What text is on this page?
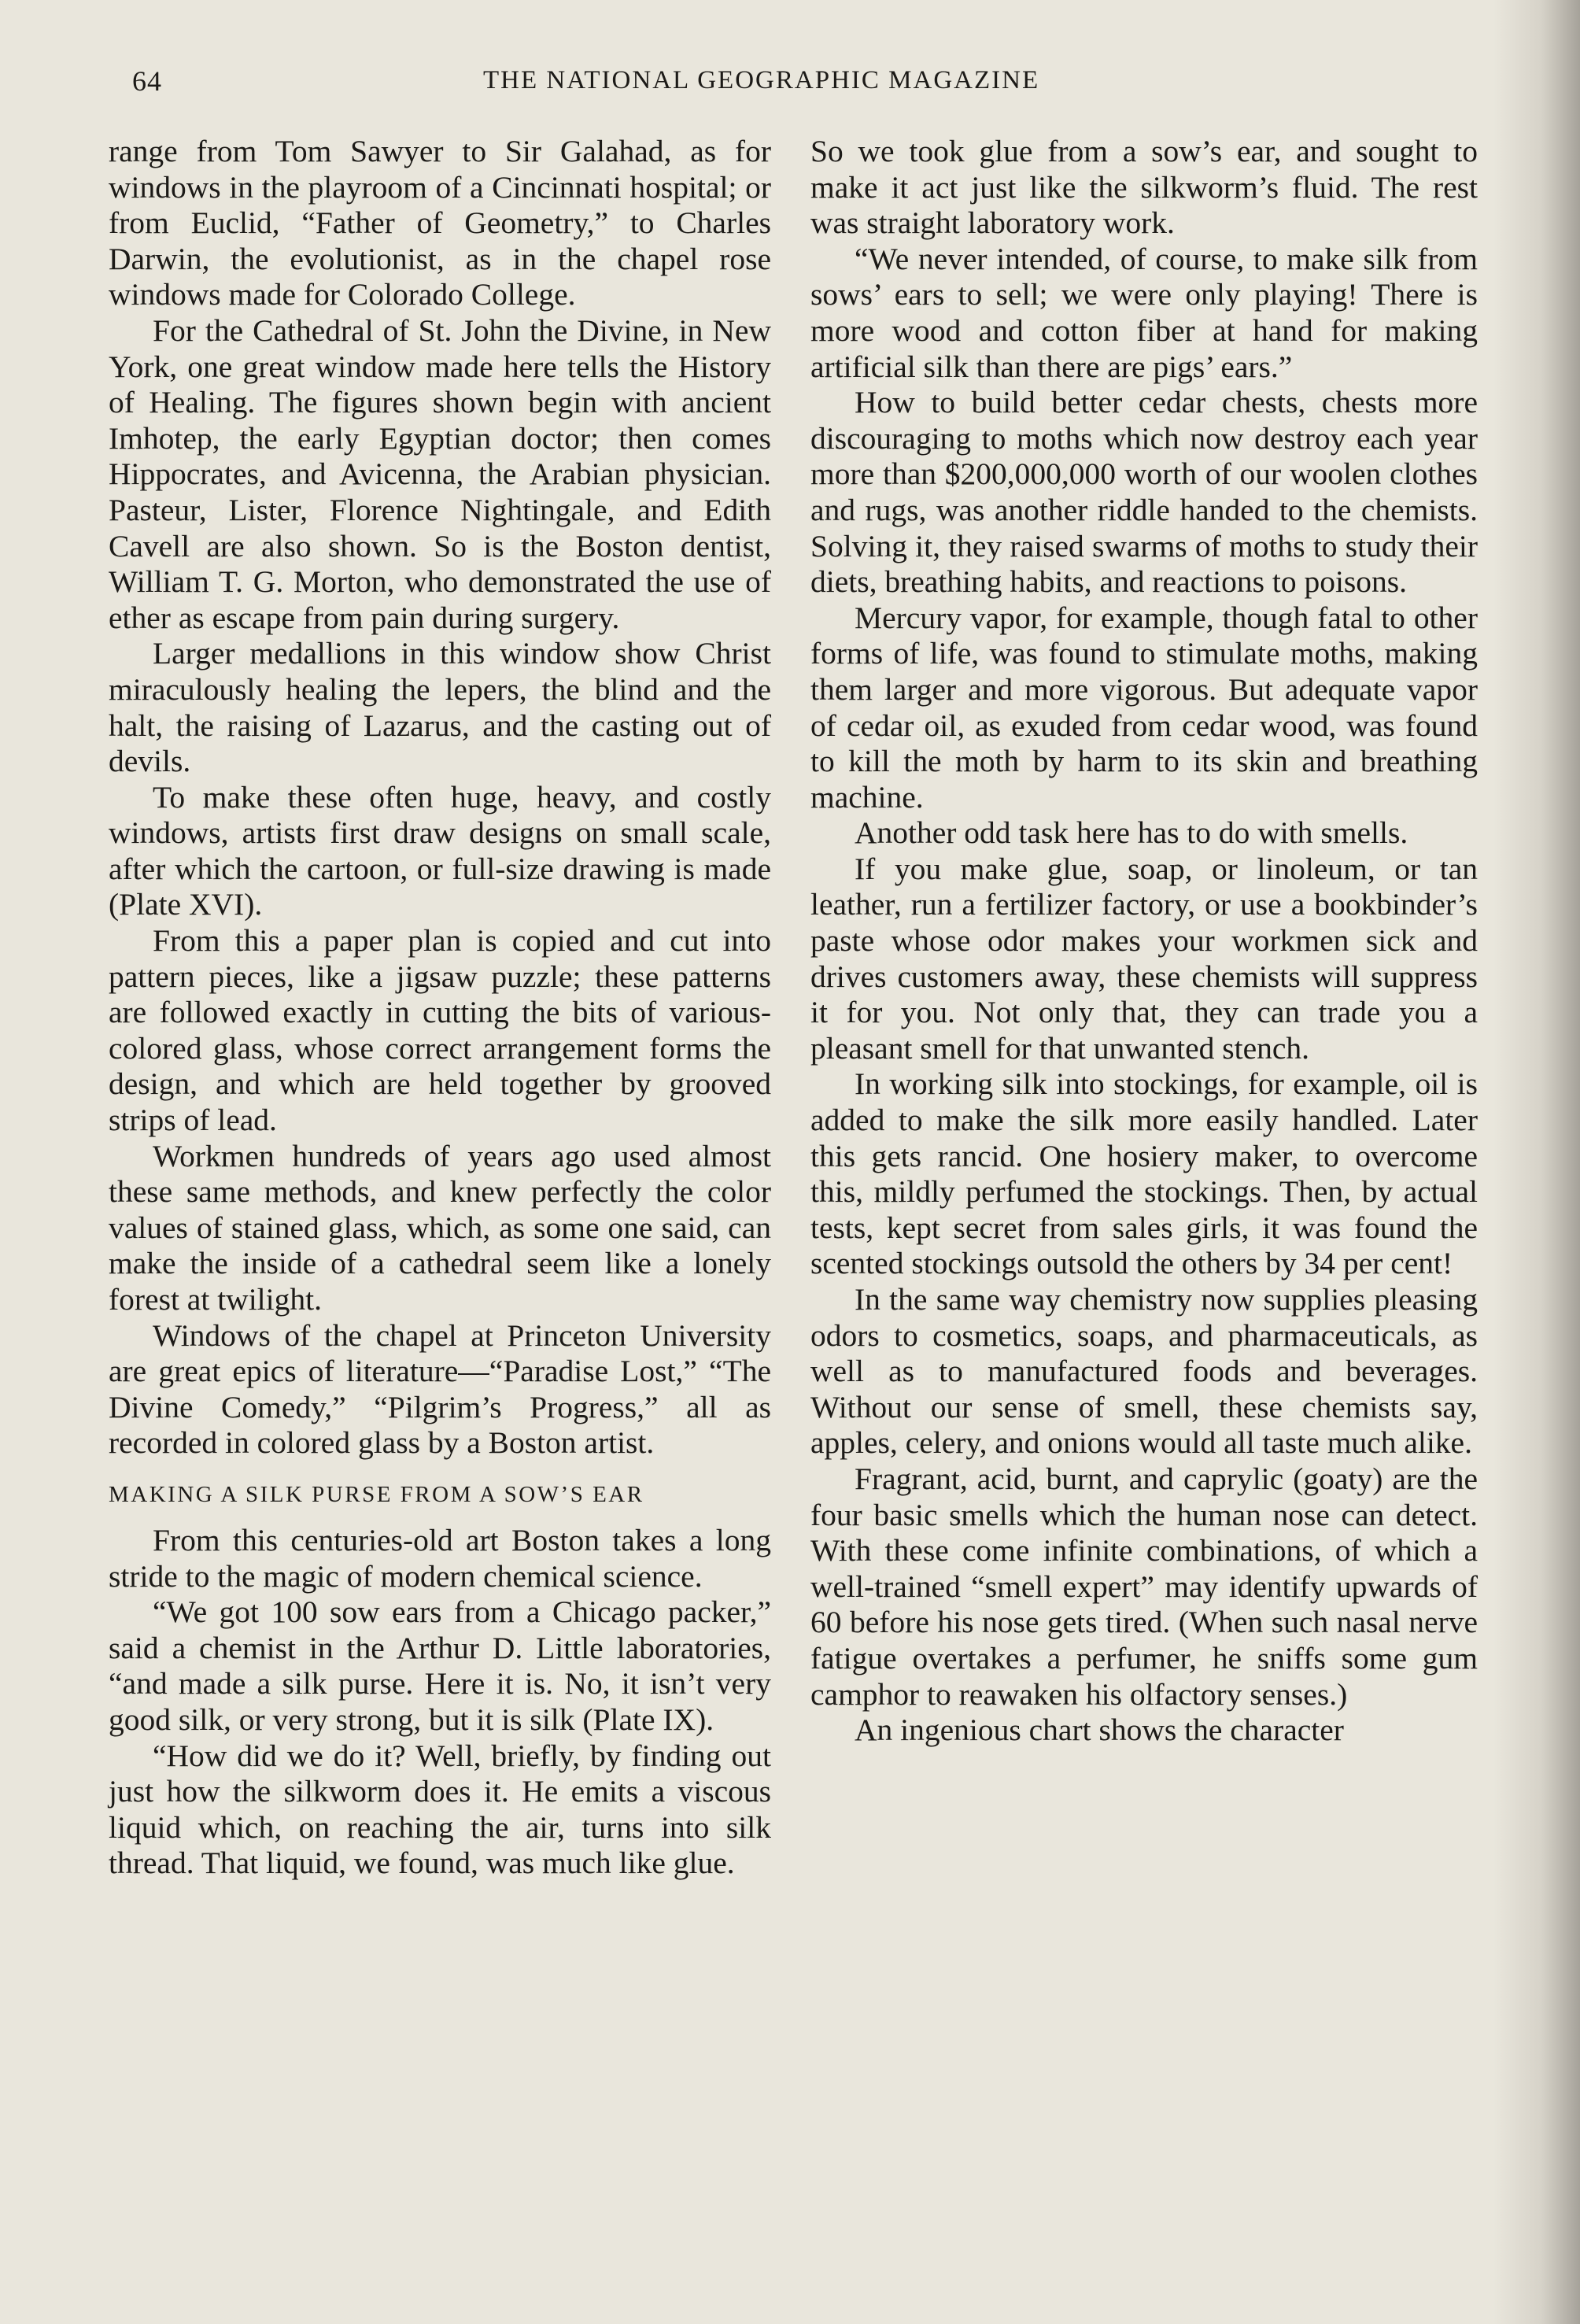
64	THE NATIONAL GEOGRAPHIC MAGAZINE

range from Tom Sawyer to Sir Galahad, as for windows in the playroom of a Cincinnati hospital; or from Euclid, “Father of Geometry,” to Charles Darwin, the evolutionist, as in the chapel rose windows made for Colorado College.

For the Cathedral of St. John the Divine, in New York, one great window made here tells the History of Healing. The figures shown begin with ancient Imhotep, the early Egyptian doctor; then comes Hippocrates, and Avicenna, the Arabian physician. Pasteur, Lister, Florence Nightingale, and Edith Cavell are also shown. So is the Boston dentist, William T. G. Morton, who demonstrated the use of ether as escape from pain during surgery.

Larger medallions in this window show Christ miraculously healing the lepers, the blind and the halt, the raising of Lazarus, and the casting out of devils.

To make these often huge, heavy, and costly windows, artists first draw designs on small scale, after which the cartoon, or full-size drawing is made (Plate XVI).

From this a paper plan is copied and cut into pattern pieces, like a jigsaw puzzle; these patterns are followed exactly in cutting the bits of various-colored glass, whose correct arrangement forms the design, and which are held together by grooved strips of lead.

Workmen hundreds of years ago used almost these same methods, and knew perfectly the color values of stained glass, which, as some one said, can make the inside of a cathedral seem like a lonely forest at twilight.

Windows of the chapel at Princeton University are great epics of literature—“Paradise Lost,” “The Divine Comedy,” “Pilgrim’s Progress,” all as recorded in colored glass by a Boston artist.

MAKING A SILK PURSE FROM A SOW’S EAR

From this centuries-old art Boston takes a long stride to the magic of modern chemical science.

“We got 100 sow ears from a Chicago packer,” said a chemist in the Arthur D. Little laboratories, “and made a silk purse. Here it is. No, it isn’t very good silk, or very strong, but it is silk (Plate IX).

“How did we do it? Well, briefly, by finding out just how the silkworm does it. He emits a viscous liquid which, on reaching the air, turns into silk thread. That liquid, we found, was much like glue.

So we took glue from a sow’s ear, and sought to make it act just like the silkworm’s fluid. The rest was straight laboratory work.

“We never intended, of course, to make silk from sows’ ears to sell; we were only playing! There is more wood and cotton fiber at hand for making artificial silk than there are pigs’ ears.”

How to build better cedar chests, chests more discouraging to moths which now destroy each year more than $200,000,000 worth of our woolen clothes and rugs, was another riddle handed to the chemists. Solving it, they raised swarms of moths to study their diets, breathing habits, and reactions to poisons.

Mercury vapor, for example, though fatal to other forms of life, was found to stimulate moths, making them larger and more vigorous. But adequate vapor of cedar oil, as exuded from cedar wood, was found to kill the moth by harm to its skin and breathing machine.

Another odd task here has to do with smells.

If you make glue, soap, or linoleum, or tan leather, run a fertilizer factory, or use a bookbinder’s paste whose odor makes your workmen sick and drives customers away, these chemists will suppress it for you. Not only that, they can trade you a pleasant smell for that unwanted stench.

In working silk into stockings, for example, oil is added to make the silk more easily handled. Later this gets rancid. One hosiery maker, to overcome this, mildly perfumed the stockings. Then, by actual tests, kept secret from sales girls, it was found the scented stockings outsold the others by 34 per cent!

In the same way chemistry now supplies pleasing odors to cosmetics, soaps, and pharmaceuticals, as well as to manufactured foods and beverages. Without our sense of smell, these chemists say, apples, celery, and onions would all taste much alike.

Fragrant, acid, burnt, and caprylic (goaty) are the four basic smells which the human nose can detect. With these come infinite combinations, of which a well-trained “smell expert” may identify upwards of 60 before his nose gets tired. (When such nasal nerve fatigue overtakes a perfumer, he sniffs some gum camphor to reawaken his olfactory senses.)

An ingenious chart shows the character
